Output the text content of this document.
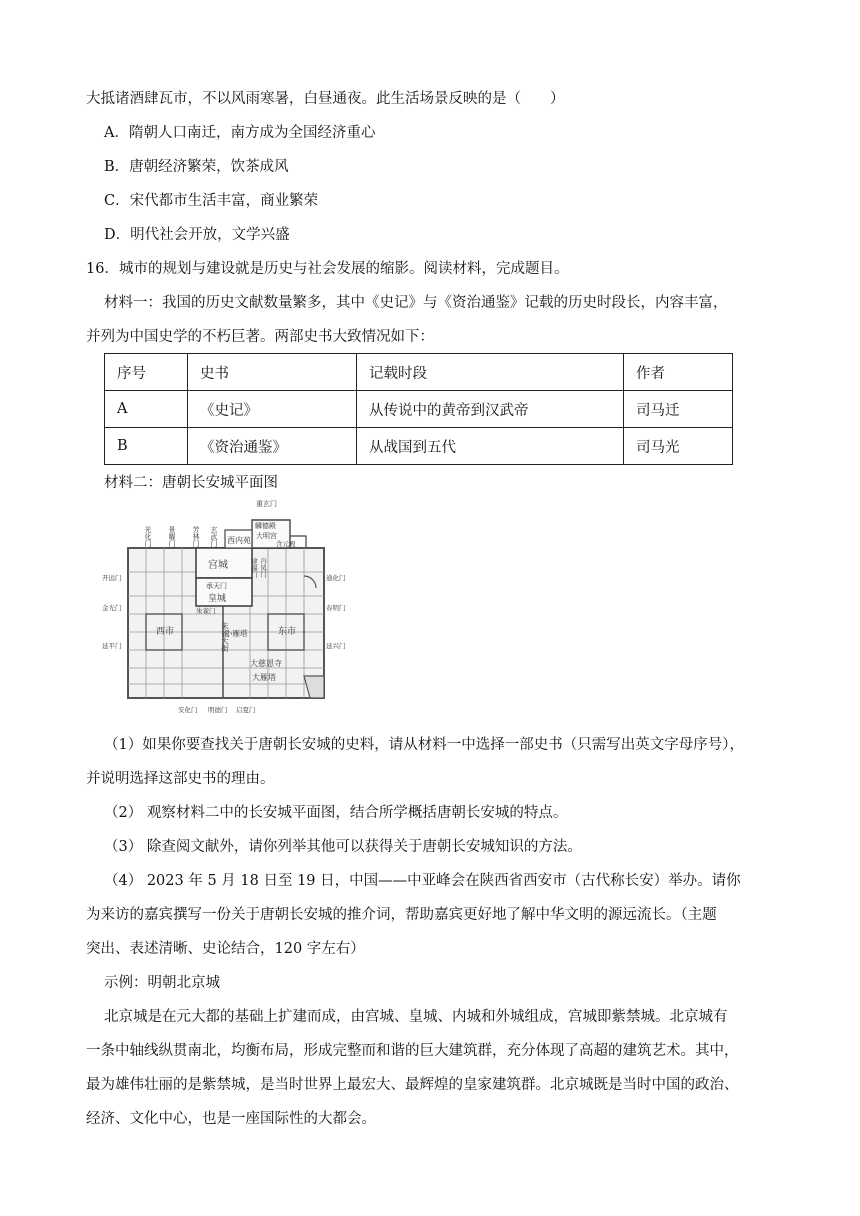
大抵诸酒肆瓦市，不以风雨寒暑，白昼通夜。此生活场景反映的是（　　）
A．隋朝人口南迁，南方成为全国经济重心
B．唐朝经济繁荣，饮茶成风
C．宋代都市生活丰富，商业繁荣
D．明代社会开放，文学兴盛
16．城市的规划与建设就是历史与社会发展的缩影。阅读材料，完成题目。
材料一：我国的历史文献数量繁多，其中《史记》与《资治通鉴》记载的历史时段长，内容丰富，
并列为中国史学的不朽巨著。两部史书大致情况如下：
序号	史书	记载时段	作者
A	《史记》	从传说中的黄帝到汉武帝	司马迁
B	《资治通鉴》	从战国到五代	司马光
材料二：唐朝长安城平面图
光化门 景曜门 芳林门 玄武门
重玄门
麟德殿
大明宫
含元殿
西内苑
宫城
承天门
皇城
建福门 丹凤门
朱雀门
西市	东市
小雁塔
朱雀大街
大慈恩寺
大雁塔
开远门
金光门
延平门
通化门
春明门
延兴门
安化门 明德门 启夏门
（1）如果你要查找关于唐朝长安城的史料，请从材料一中选择一部史书（只需写出英文字母序号），
并说明选择这部史书的理由。
（2） 观察材料二中的长安城平面图，结合所学概括唐朝长安城的特点。
（3） 除查阅文献外，请你列举其他可以获得关于唐朝长安城知识的方法。
（4） 2023 年 5 月 18 日至 19 日，中国——中亚峰会在陕西省西安市（古代称长安）举办。请你
为来访的嘉宾撰写一份关于唐朝长安城的推介词，帮助嘉宾更好地了解中华文明的源远流长。（主题
突出、表述清晰、史论结合，120 字左右）
示例：明朝北京城
北京城是在元大都的基础上扩建而成，由宫城、皇城、内城和外城组成，宫城即紫禁城。北京城有
一条中轴线纵贯南北，均衡布局，形成完整而和谐的巨大建筑群，充分体现了高超的建筑艺术。其中，
最为雄伟壮丽的是紫禁城，是当时世界上最宏大、最辉煌的皇家建筑群。北京城既是当时中国的政治、
经济、文化中心，也是一座国际性的大都会。
